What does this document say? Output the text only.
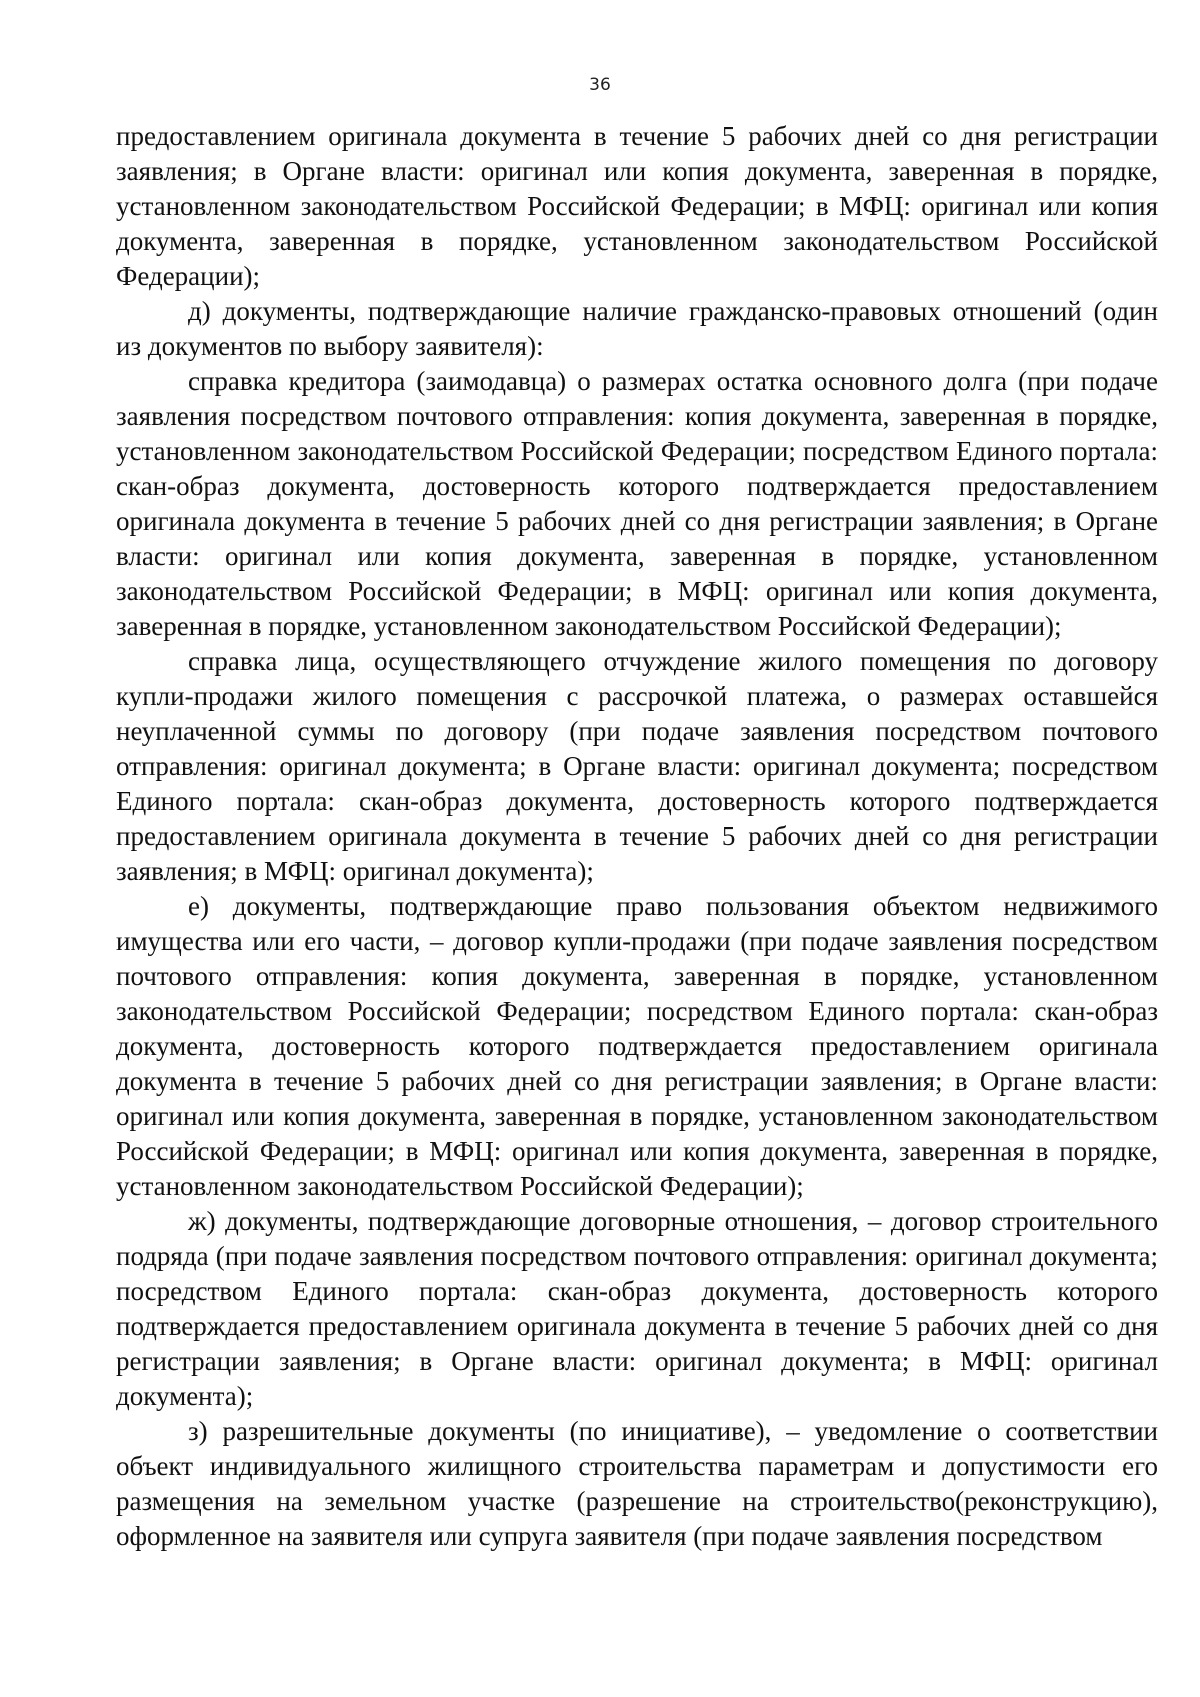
36

предоставлением оригинала документа в течение 5 рабочих дней со дня регистрации заявления; в Органе власти: оригинал или копия документа, заверенная в порядке, установленном законодательством Российской Федерации; в МФЦ: оригинал или копия документа, заверенная в порядке, установленном законодательством Российской Федерации);

д) документы, подтверждающие наличие гражданско-правовых отношений (один из документов по выбору заявителя):

справка кредитора (заимодавца) о размерах остатка основного долга (при подаче заявления посредством почтового отправления: копия документа, заверенная в порядке, установленном законодательством Российской Федерации; посредством Единого портала: скан-образ документа, достоверность которого подтверждается предоставлением оригинала документа в течение 5 рабочих дней со дня регистрации заявления; в Органе власти: оригинал или копия документа, заверенная в порядке, установленном законодательством Российской Федерации; в МФЦ: оригинал или копия документа, заверенная в порядке, установленном законодательством Российской Федерации);

справка лица, осуществляющего отчуждение жилого помещения по договору купли-продажи жилого помещения с рассрочкой платежа, о размерах оставшейся неуплаченной суммы по договору (при подаче заявления посредством почтового отправления: оригинал документа; в Органе власти: оригинал документа; посредством Единого портала: скан-образ документа, достоверность которого подтверждается предоставлением оригинала документа в течение 5 рабочих дней со дня регистрации заявления; в МФЦ: оригинал документа);

е) документы, подтверждающие право пользования объектом недвижимого имущества или его части, – договор купли-продажи (при подаче заявления посредством почтового отправления: копия документа, заверенная в порядке, установленном законодательством Российской Федерации; посредством Единого портала: скан-образ документа, достоверность которого подтверждается предоставлением оригинала документа в течение 5 рабочих дней со дня регистрации заявления; в Органе власти: оригинал или копия документа, заверенная в порядке, установленном законодательством Российской Федерации; в МФЦ: оригинал или копия документа, заверенная в порядке, установленном законодательством Российской Федерации);

ж) документы, подтверждающие договорные отношения, – договор строительного подряда (при подаче заявления посредством почтового отправления: оригинал документа; посредством Единого портала: скан-образ документа, достоверность которого подтверждается предоставлением оригинала документа в течение 5 рабочих дней со дня регистрации заявления; в Органе власти: оригинал документа; в МФЦ: оригинал документа);

з) разрешительные документы (по инициативе), – уведомление о соответствии объект индивидуального жилищного строительства параметрам и допустимости его размещения на земельном участке (разрешение на строительство(реконструкцию), оформленное на заявителя или супруга заявителя (при подаче заявления посредством
